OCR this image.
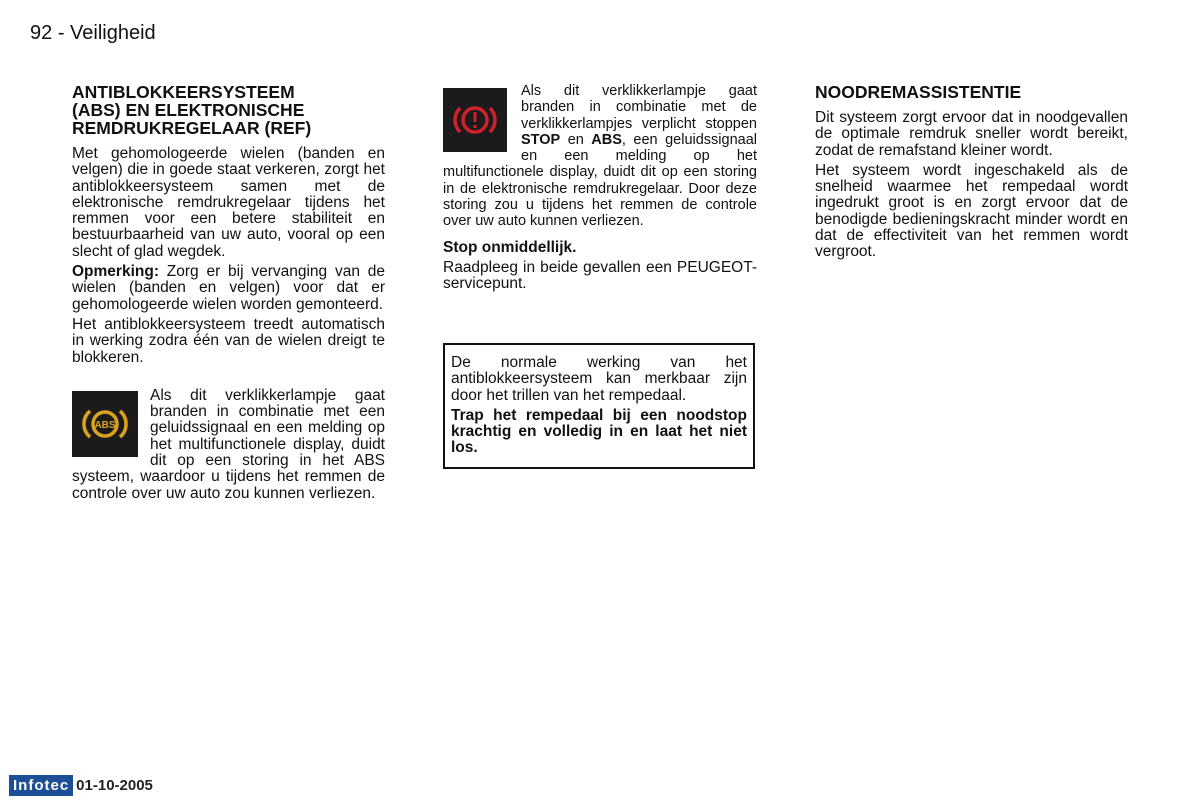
92 - Veiligheid
ANTIBLOKKEERSYSTEEM
(ABS) EN ELEKTRONISCHE
REMDRUKREGELAAR (REF)

Met gehomologeerde wielen (banden en velgen) die in goede staat verkeren, zorgt het antiblokkeersysteem samen met de elektronische remdrukregelaar tijdens het remmen voor een betere stabiliteit en bestuurbaarheid van uw auto, vooral op een slecht of glad wegdek.

Opmerking: Zorg er bij vervanging van de wielen (banden en velgen) voor dat er gehomologeerde wielen worden gemonteerd.

Het antiblokkeersysteem treedt automatisch in werking zodra één van de wielen dreigt te blokkeren.

ABS

Als dit verklikkerlampje gaat branden in combinatie met een geluidssignaal en een melding op het multifunctionele display, duidt dit op een storing in het ABS systeem, waardoor u tijdens het remmen de controle over uw auto zou kunnen verliezen.

Als dit verklikkerlampje gaat branden in combinatie met de verklikkerlampjes verplicht stoppen STOP en ABS, een geluidssignaal en een melding op het multifunctionele display, duidt dit op een storing in de elektronische remdrukregelaar. Door deze storing zou u tijdens het remmen de controle over uw auto kunnen verliezen.

Stop onmiddellijk.

Raadpleeg in beide gevallen een PEUGEOT-servicepunt.

De normale werking van het antiblokkeersysteem kan merkbaar zijn door het trillen van het rempedaal.

Trap het rempedaal bij een noodstop krachtig en volledig in en laat het niet los.

NOODREMASSISTENTIE

Dit systeem zorgt ervoor dat in noodgevallen de optimale remdruk sneller wordt bereikt, zodat de remafstand kleiner wordt.

Het systeem wordt ingeschakeld als de snelheid waarmee het rempedaal wordt ingedrukt groot is en zorgt ervoor dat de benodigde bedieningskracht minder wordt en dat de effectiviteit van het remmen wordt vergroot.

Infotec 01-10-2005
